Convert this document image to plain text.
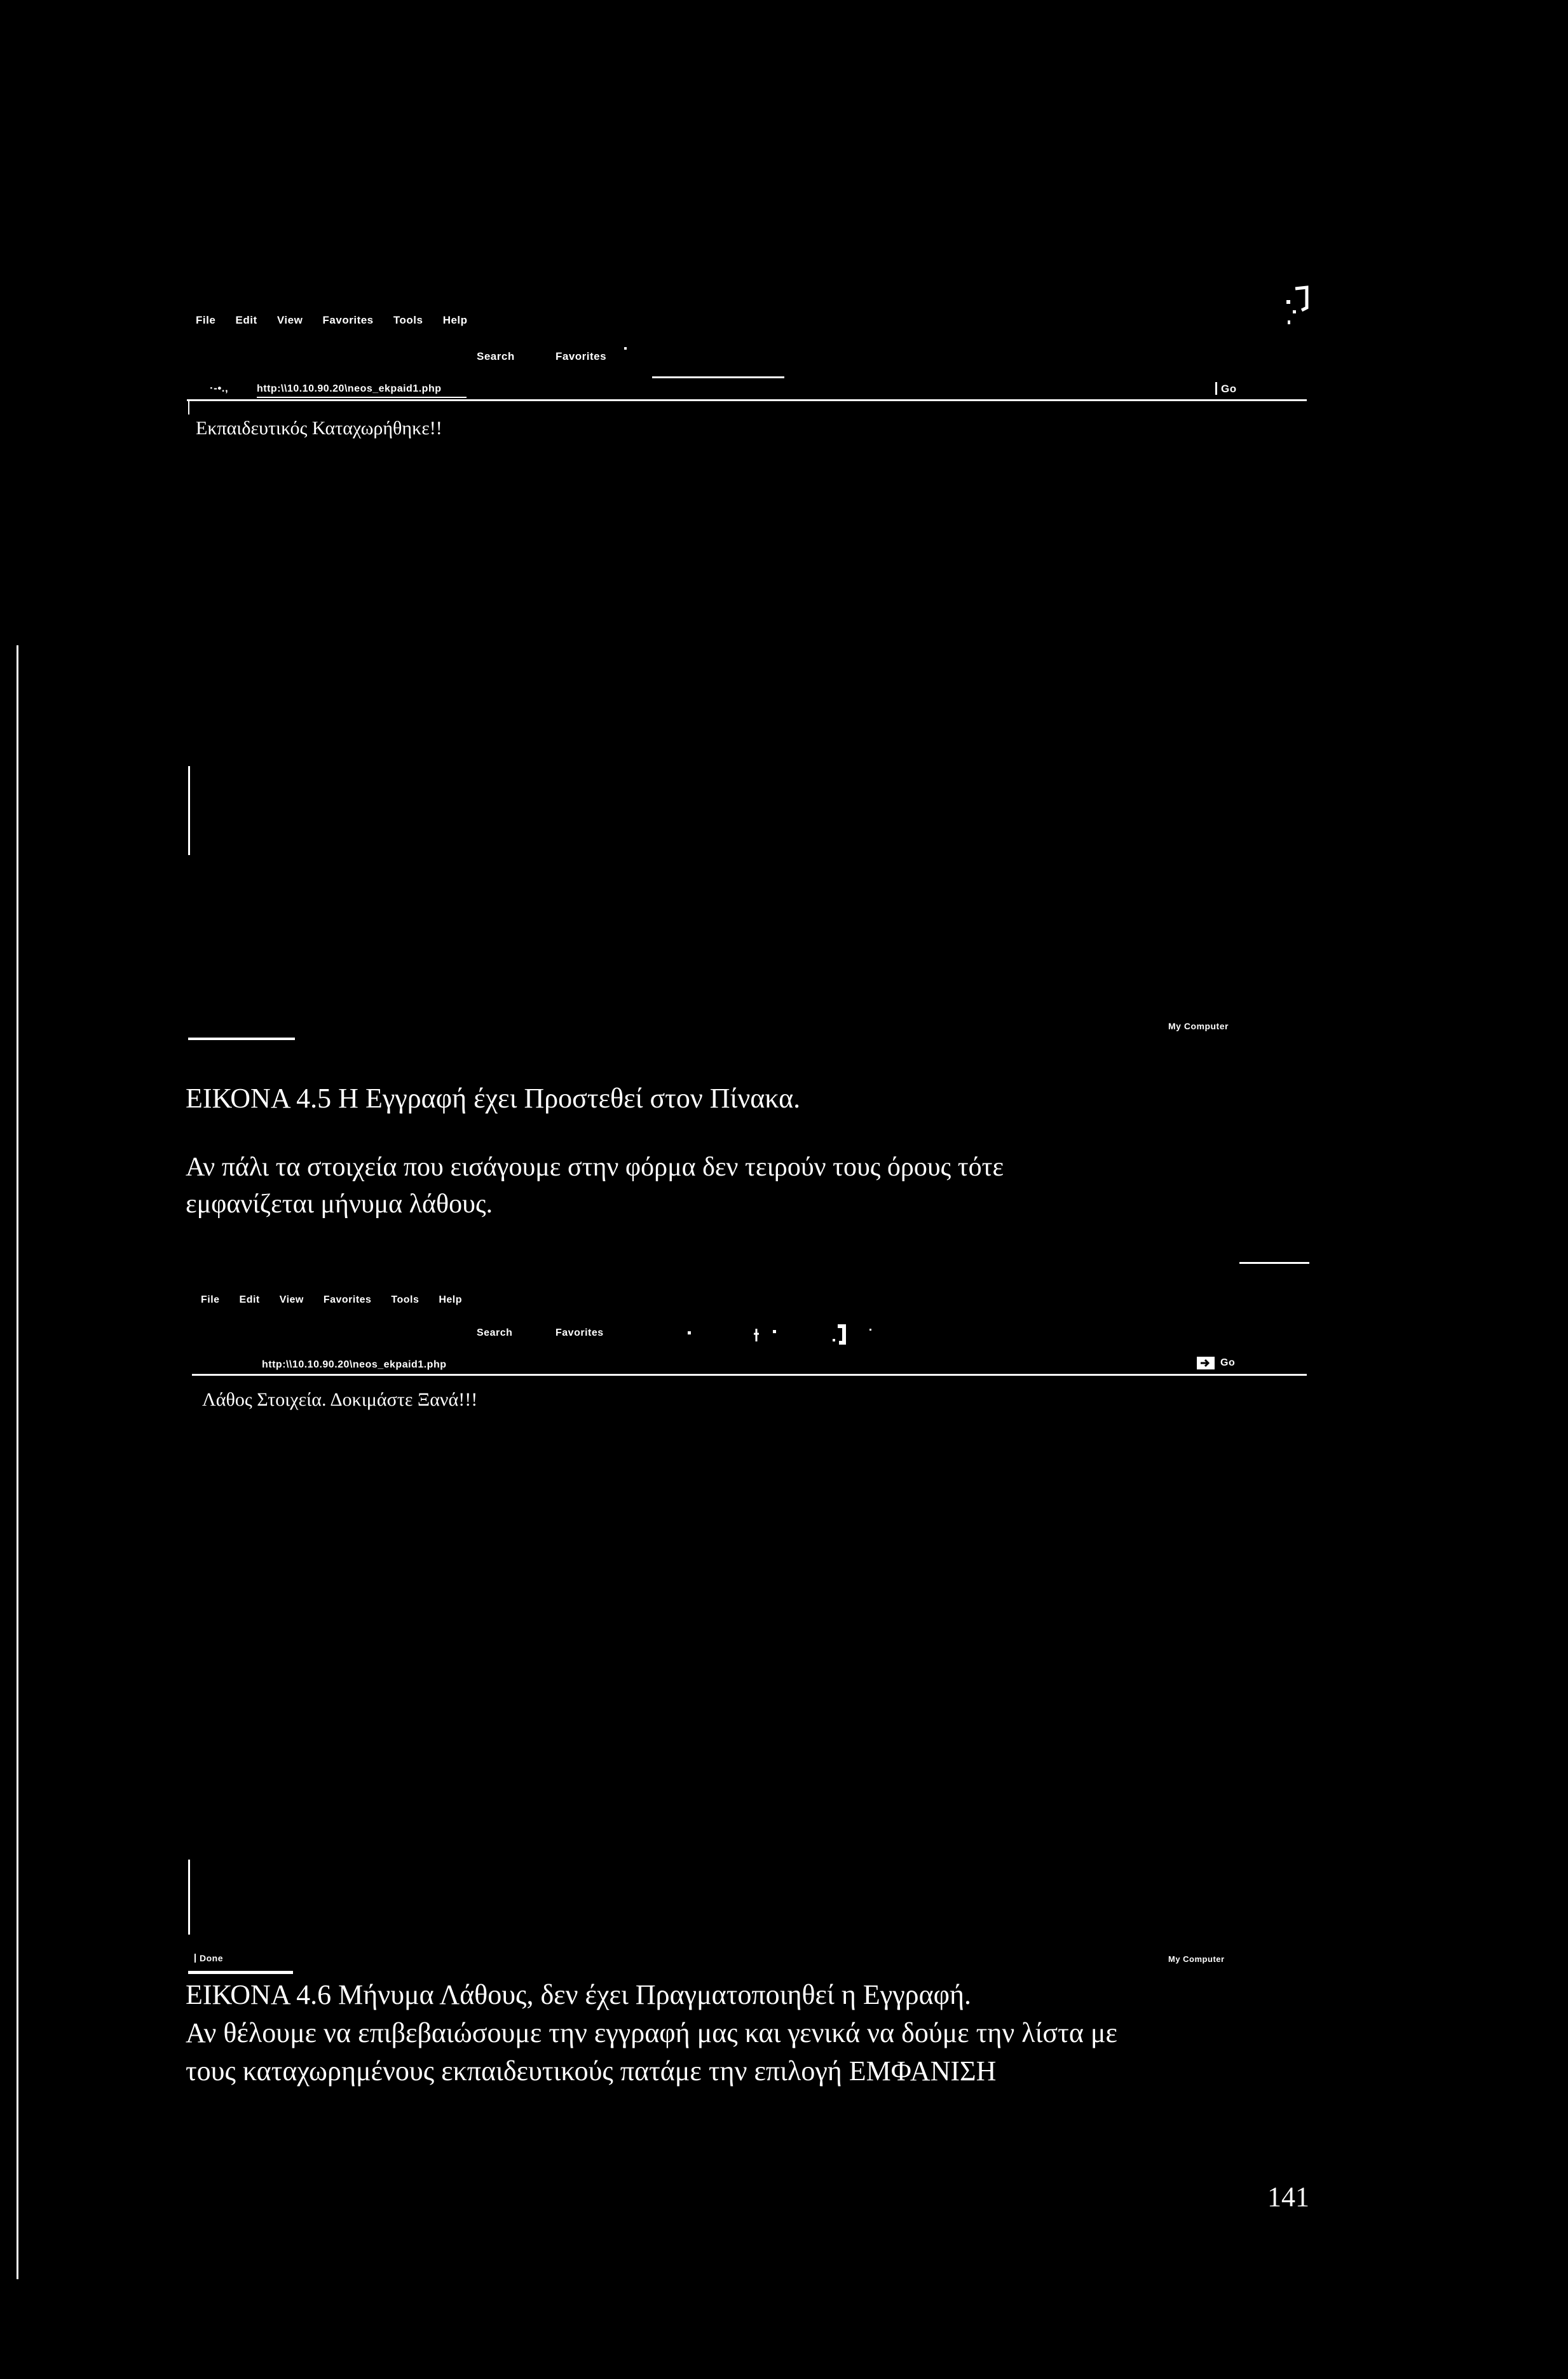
File Edit View Favorites Tools Help
Search	Favorites
·-•.,	http:\\10.10.90.20\neos_ekpaid1.php	Go
Εκπαιδευτικός Καταχωρήθηκε!!
My Computer
ΕΙΚΟΝΑ 4.5 Η Εγγραφή έχει Προστεθεί στον Πίνακα.
Αν πάλι τα στοιχεία που εισάγουμε στην φόρμα δεν τειρούν τους όρους τότε
εμφανίζεται μήνυμα λάθους.
File Edit View Favorites Tools Help
Search	Favorites
http:\\10.10.90.20\neos_ekpaid1.php	Go
Λάθος Στοιχεία. Δοκιμάστε Ξανά!!!
Done	My Computer
ΕΙΚΟΝΑ 4.6 Μήνυμα Λάθους, δεν έχει Πραγματοποιηθεί η Εγγραφή.
Αν θέλουμε να επιβεβαιώσουμε την εγγραφή μας και γενικά να δούμε την λίστα με
τους καταχωρημένους εκπαιδευτικούς πατάμε την επιλογή ΕΜΦΑΝΙΣΗ
141
